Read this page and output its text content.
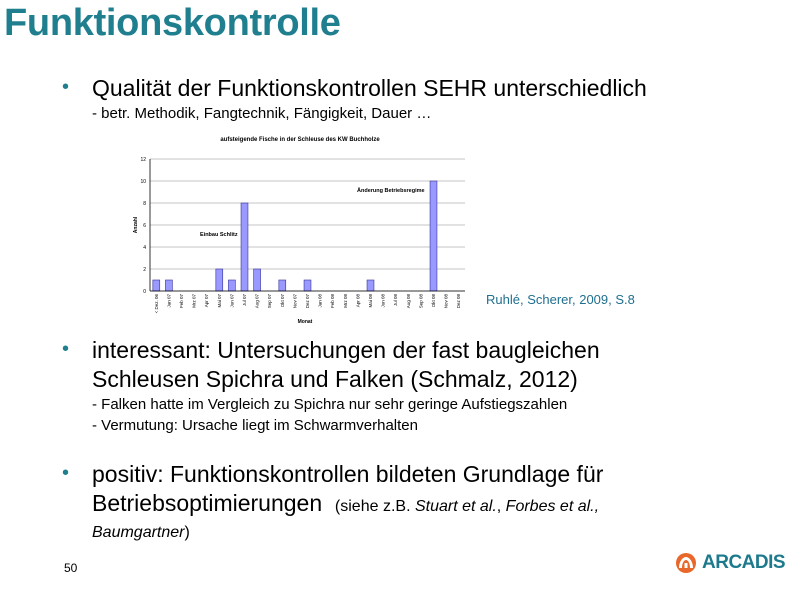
Funktionskontrolle
• Qualität der Funktionskontrollen SEHR unterschiedlich
- betr. Methodik, Fangtechnik, Fängigkeit, Dauer …
aufsteigende Fische in der Schleuse des KW Buchholze
0
2
4
6
8
10
12
< Dez. 06 Jan 07 Feb 07 Mrz 07 Apr 07 Mai 07 Jun 07 Jul 07 Aug 07 Sep 07 Okt 07 Nov 07 Dez 07 Jan 08 Feb 08 Mrz 08 Apr 08 Mai 08 Jun 08 Jul 08 Aug 08 Sep 08 Okt 08 Nov 08 Dez 08
Anzahl
Monat
Einbau Schlitz
Änderung Betriebsregime
Ruhlé, Scherer, 2009, S.8
• interessant: Untersuchungen der fast baugleichen
Schleusen Spichra und Falken (Schmalz, 2012)
- Falken hatte im Vergleich zu Spichra nur sehr geringe Aufstiegszahlen
- Vermutung: Ursache liegt im Schwarmverhalten
• positiv: Funktionskontrollen bildeten Grundlage für
Betriebsoptimierungen (siehe z.B. Stuart et al., Forbes et al.,
Baumgartner)
50	ARCADIS
